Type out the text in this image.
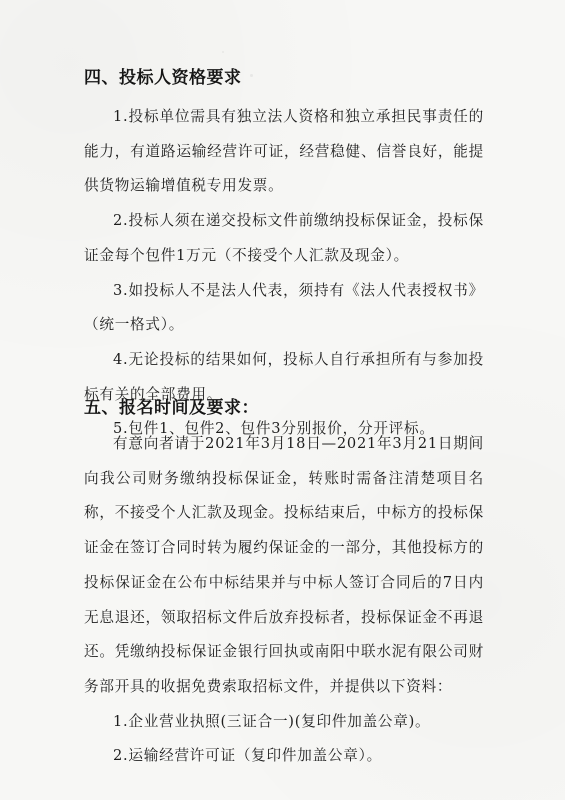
四、投标人资格要求

1.投标单位需具有独立法人资格和独立承担民事责任的能力，有道路运输经营许可证，经营稳健、信誉良好，能提供货物运输增值税专用发票。

2.投标人须在递交投标文件前缴纳投标保证金，投标保证金每个包件1万元（不接受个人汇款及现金）。

3.如投标人不是法人代表，须持有《法人代表授权书》（统一格式）。

4.无论投标的结果如何，投标人自行承担所有与参加投标有关的全部费用。

5.包件1、包件2、包件3分别报价，分开评标。

五、报名时间及要求：

有意向者请于2021年3月18日—2021年3月21日期间向我公司财务缴纳投标保证金，转账时需备注清楚项目名称，不接受个人汇款及现金。投标结束后，中标方的投标保证金在签订合同时转为履约保证金的一部分，其他投标方的投标保证金在公布中标结果并与中标人签订合同后的7日内无息退还，领取招标文件后放弃投标者，投标保证金不再退还。凭缴纳投标保证金银行回执或南阳中联水泥有限公司财务部开具的收据免费索取招标文件，并提供以下资料：

1.企业营业执照(三证合一)(复印件加盖公章)。

2.运输经营许可证（复印件加盖公章）。
